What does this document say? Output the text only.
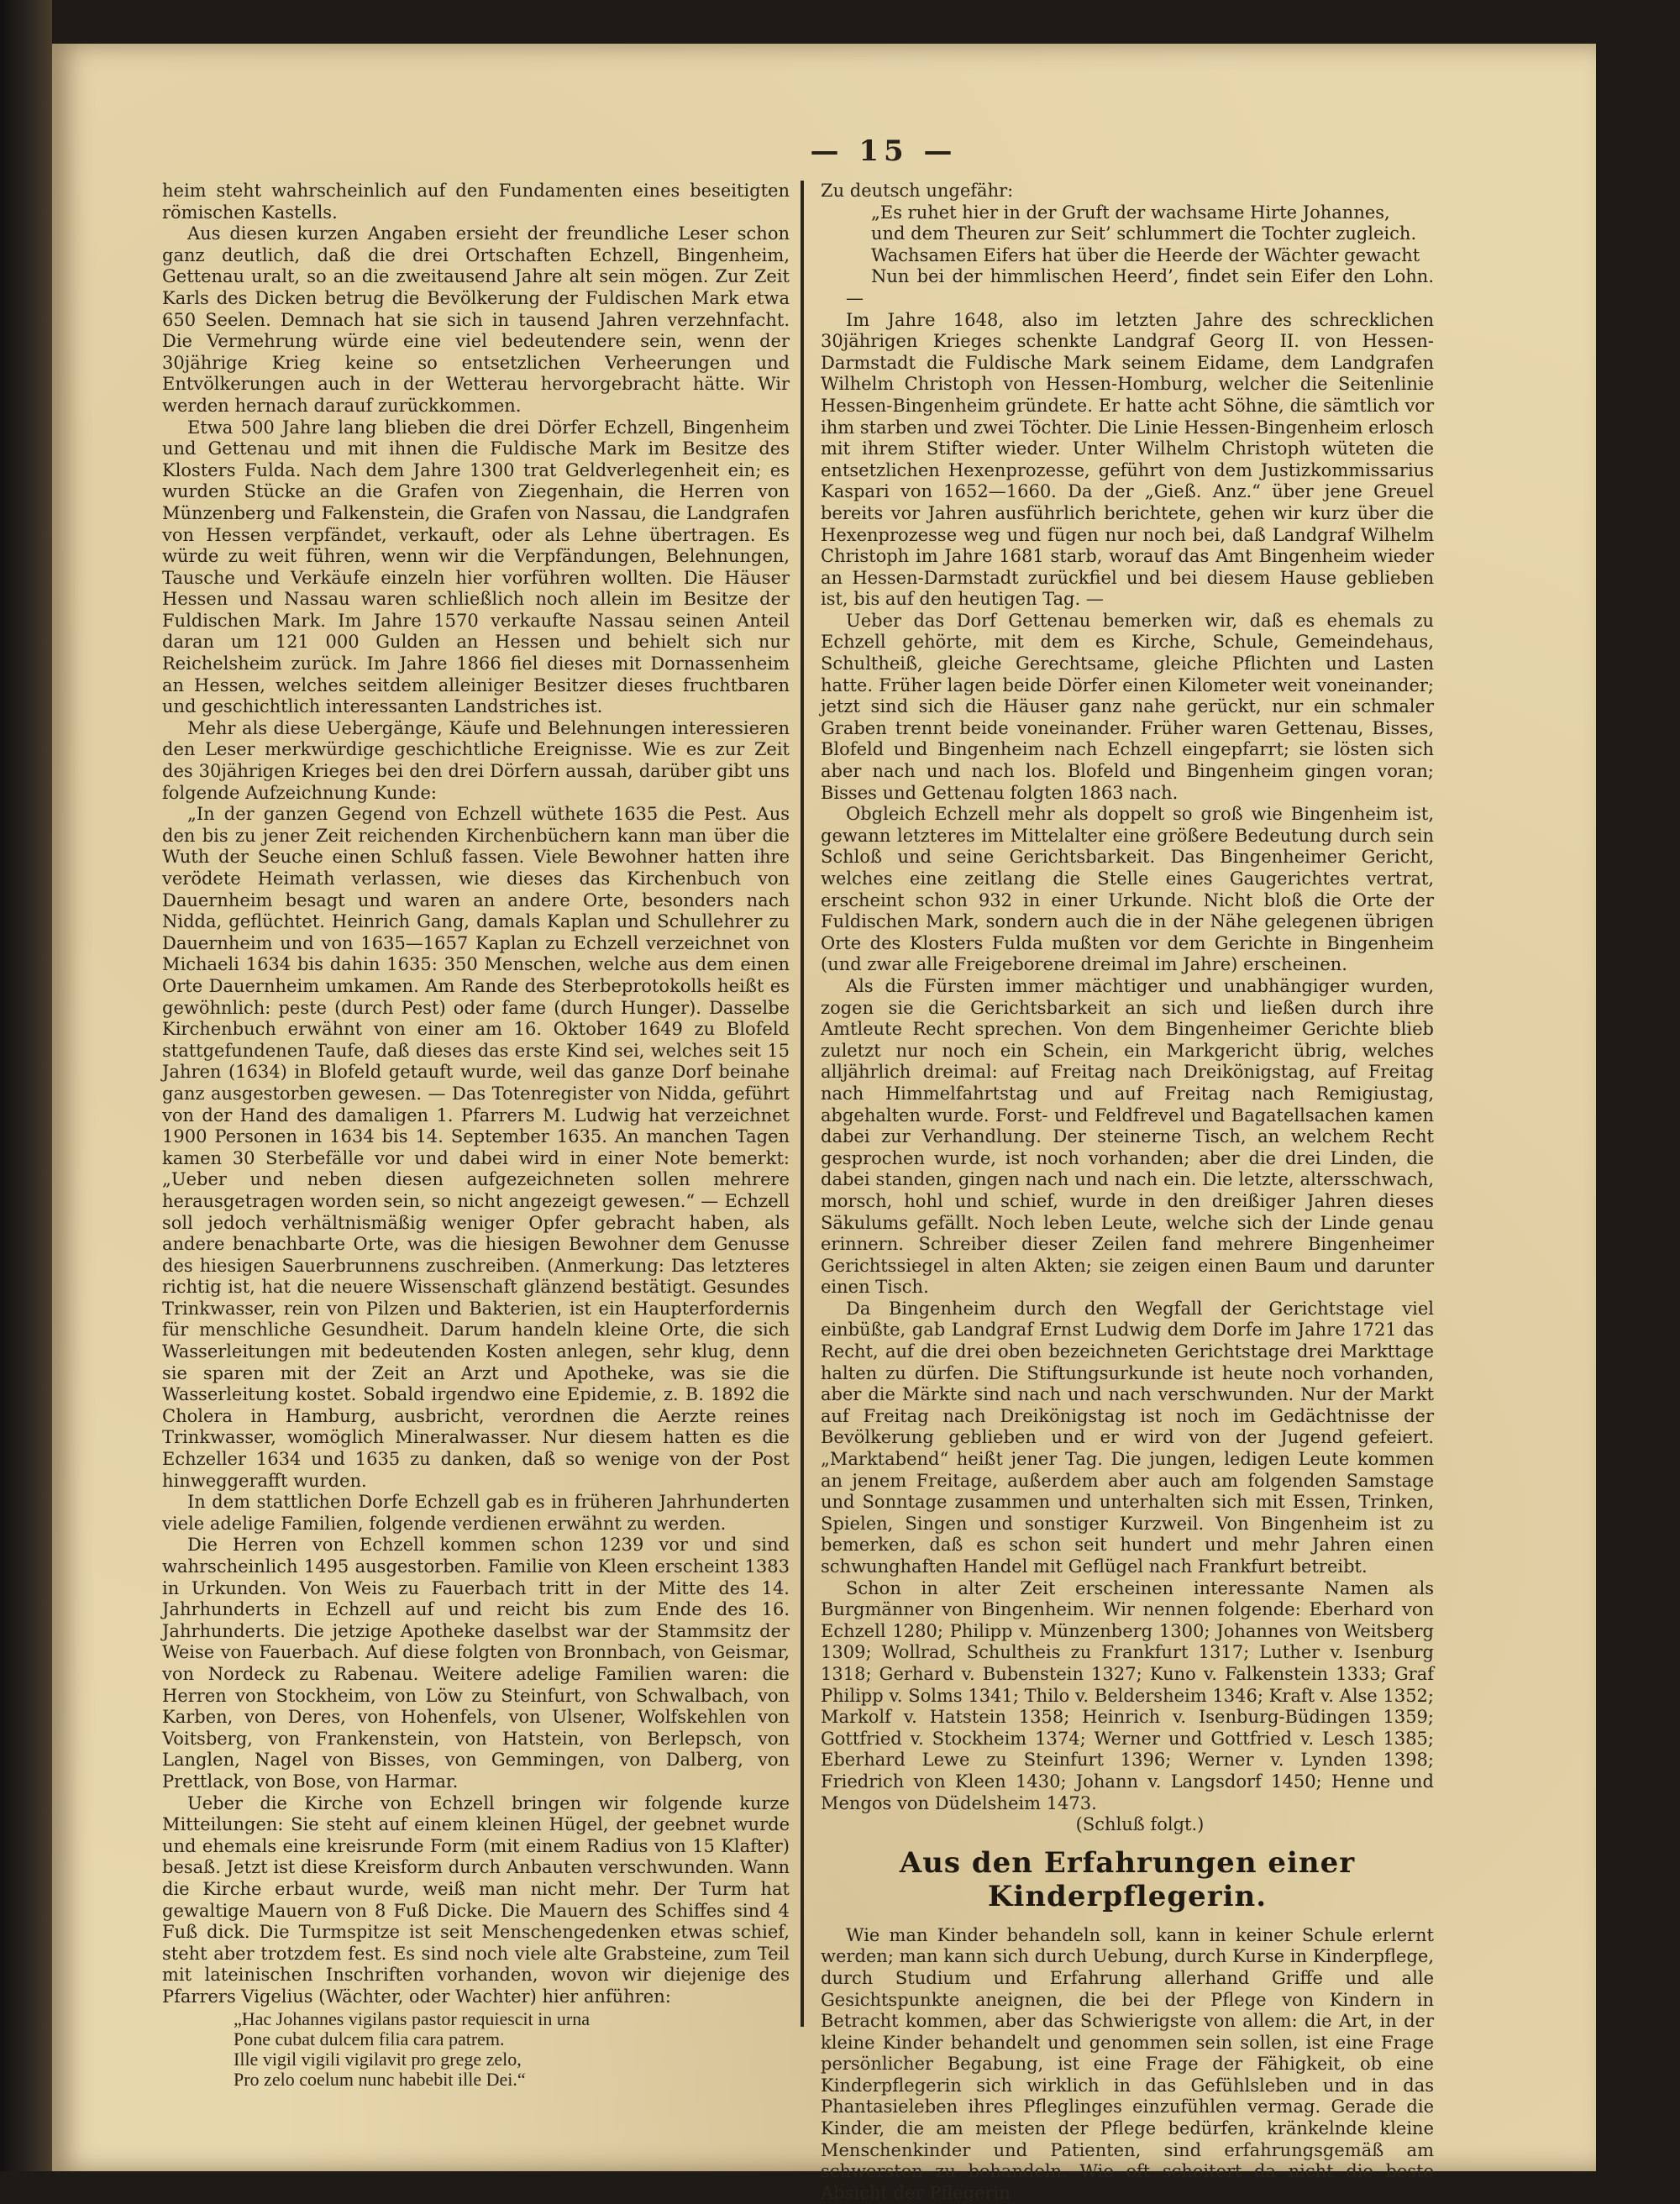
— 15 —

heim steht wahrscheinlich auf den Fundamenten eines beseitigten römischen Kastells.

Aus diesen kurzen Angaben ersieht der freundliche Leser schon ganz deutlich, daß die drei Ortschaften Echzell, Bingenheim, Gettenau uralt, so an die zweitausend Jahre alt sein mögen. Zur Zeit Karls des Dicken betrug die Bevölkerung der Fuldischen Mark etwa 650 Seelen. Demnach hat sie sich in tausend Jahren verzehnfacht. Die Vermehrung würde eine viel bedeutendere sein, wenn der 30jährige Krieg keine so entsetzlichen Verheerungen und Entvölkerungen auch in der Wetterau hervorgebracht hätte. Wir werden hernach darauf zurückkommen.

Etwa 500 Jahre lang blieben die drei Dörfer Echzell, Bingenheim und Gettenau und mit ihnen die Fuldische Mark im Besitze des Klosters Fulda. Nach dem Jahre 1300 trat Geldverlegenheit ein; es wurden Stücke an die Grafen von Ziegenhain, die Herren von Münzenberg und Falkenstein, die Grafen von Nassau, die Landgrafen von Hessen verpfändet, verkauft, oder als Lehne übertragen. Es würde zu weit führen, wenn wir die Verpfändungen, Belehnungen, Tausche und Verkäufe einzeln hier vorführen wollten. Die Häuser Hessen und Nassau waren schließlich noch allein im Besitze der Fuldischen Mark. Im Jahre 1570 verkaufte Nassau seinen Anteil daran um 121 000 Gulden an Hessen und behielt sich nur Reichelsheim zurück. Im Jahre 1866 fiel dieses mit Dornassenheim an Hessen, welches seitdem alleiniger Besitzer dieses fruchtbaren und geschichtlich interessanten Landstriches ist.

Mehr als diese Uebergänge, Käufe und Belehnungen interessieren den Leser merkwürdige geschichtliche Ereignisse. Wie es zur Zeit des 30jährigen Krieges bei den drei Dörfern aussah, darüber gibt uns folgende Aufzeichnung Kunde:

„In der ganzen Gegend von Echzell wüthete 1635 die Pest. Aus den bis zu jener Zeit reichenden Kirchenbüchern kann man über die Wuth der Seuche einen Schluß fassen. Viele Bewohner hatten ihre verödete Heimath verlassen, wie dieses das Kirchenbuch von Dauernheim besagt und waren an andere Orte, besonders nach Nidda, geflüchtet. Heinrich Gang, damals Kaplan und Schullehrer zu Dauernheim und von 1635—1657 Kaplan zu Echzell verzeichnet von Michaeli 1634 bis dahin 1635: 350 Menschen, welche aus dem einen Orte Dauernheim umkamen. Am Rande des Sterbeprotokolls heißt es gewöhnlich: peste (durch Pest) oder fame (durch Hunger). Dasselbe Kirchenbuch erwähnt von einer am 16. Oktober 1649 zu Blofeld stattgefundenen Taufe, daß dieses das erste Kind sei, welches seit 15 Jahren (1634) in Blofeld getauft wurde, weil das ganze Dorf beinahe ganz ausgestorben gewesen. — Das Totenregister von Nidda, geführt von der Hand des damaligen 1. Pfarrers M. Ludwig hat verzeichnet 1900 Personen in 1634 bis 14. September 1635. An manchen Tagen kamen 30 Sterbefälle vor und dabei wird in einer Note bemerkt: „Ueber und neben diesen aufgezeichneten sollen mehrere herausgetragen worden sein, so nicht angezeigt gewesen.“ — Echzell soll jedoch verhältnismäßig weniger Opfer gebracht haben, als andere benachbarte Orte, was die hiesigen Bewohner dem Genusse des hiesigen Sauerbrunnens zuschreiben. (Anmerkung: Das letzteres richtig ist, hat die neuere Wissenschaft glänzend bestätigt. Gesundes Trinkwasser, rein von Pilzen und Bakterien, ist ein Haupterfordernis für menschliche Gesundheit. Darum handeln kleine Orte, die sich Wasserleitungen mit bedeutenden Kosten anlegen, sehr klug, denn sie sparen mit der Zeit an Arzt und Apotheke, was sie die Wasserleitung kostet. Sobald irgendwo eine Epidemie, z. B. 1892 die Cholera in Hamburg, ausbricht, verordnen die Aerzte reines Trinkwasser, womöglich Mineralwasser. Nur diesem hatten es die Echzeller 1634 und 1635 zu danken, daß so wenige von der Post hinweggerafft wurden.

In dem stattlichen Dorfe Echzell gab es in früheren Jahrhunderten viele adelige Familien, folgende verdienen erwähnt zu werden.

Die Herren von Echzell kommen schon 1239 vor und sind wahrscheinlich 1495 ausgestorben. Familie von Kleen erscheint 1383 in Urkunden. Von Weis zu Fauerbach tritt in der Mitte des 14. Jahrhunderts in Echzell auf und reicht bis zum Ende des 16. Jahrhunderts. Die jetzige Apotheke daselbst war der Stammsitz der Weise von Fauerbach. Auf diese folgten von Bronnbach, von Geismar, von Nordeck zu Rabenau. Weitere adelige Familien waren: die Herren von Stockheim, von Löw zu Steinfurt, von Schwalbach, von Karben, von Deres, von Hohenfels, von Ulsener, Wolfskehlen von Voitsberg, von Frankenstein, von Hatstein, von Berlepsch, von Langlen, Nagel von Bisses, von Gemmingen, von Dalberg, von Prettlack, von Bose, von Harmar.

Ueber die Kirche von Echzell bringen wir folgende kurze Mitteilungen: Sie steht auf einem kleinen Hügel, der geebnet wurde und ehemals eine kreisrunde Form (mit einem Radius von 15 Klafter) besaß. Jetzt ist diese Kreisform durch Anbauten verschwunden. Wann die Kirche erbaut wurde, weiß man nicht mehr. Der Turm hat gewaltige Mauern von 8 Fuß Dicke. Die Mauern des Schiffes sind 4 Fuß dick. Die Turmspitze ist seit Menschengedenken etwas schief, steht aber trotzdem fest. Es sind noch viele alte Grabsteine, zum Teil mit lateinischen Inschriften vorhanden, wovon wir diejenige des Pfarrers Vigelius (Wächter, oder Wachter) hier anführen:

„Hac Johannes vigilans pastor requiescit in urna
Pone cubat dulcem filia cara patrem.
Ille vigil vigili vigilavit pro grege zelo,
Pro zelo coelum nunc habebit ille Dei.“

Zu deutsch ungefähr:

„Es ruhet hier in der Gruft der wachsame Hirte Johannes,

und dem Theuren zur Seit’ schlummert die Tochter zugleich.

Wachsamen Eifers hat über die Heerde der Wächter gewacht

Nun bei der himmlischen Heerd’, findet sein Eifer den Lohn. —

Im Jahre 1648, also im letzten Jahre des schrecklichen 30jährigen Krieges schenkte Landgraf Georg II. von Hessen-Darmstadt die Fuldische Mark seinem Eidame, dem Landgrafen Wilhelm Christoph von Hessen-Homburg, welcher die Seitenlinie Hessen-Bingenheim gründete. Er hatte acht Söhne, die sämtlich vor ihm starben und zwei Töchter. Die Linie Hessen-Bingenheim erlosch mit ihrem Stifter wieder. Unter Wilhelm Christoph wüteten die entsetzlichen Hexenprozesse, geführt von dem Justizkommissarius Kaspari von 1652—1660. Da der „Gieß. Anz.“ über jene Greuel bereits vor Jahren ausführlich berichtete, gehen wir kurz über die Hexenprozesse weg und fügen nur noch bei, daß Landgraf Wilhelm Christoph im Jahre 1681 starb, worauf das Amt Bingenheim wieder an Hessen-Darmstadt zurückfiel und bei diesem Hause geblieben ist, bis auf den heutigen Tag. —

Ueber das Dorf Gettenau bemerken wir, daß es ehemals zu Echzell gehörte, mit dem es Kirche, Schule, Gemeindehaus, Schultheiß, gleiche Gerechtsame, gleiche Pflichten und Lasten hatte. Früher lagen beide Dörfer einen Kilometer weit voneinander; jetzt sind sich die Häuser ganz nahe gerückt, nur ein schmaler Graben trennt beide voneinander. Früher waren Gettenau, Bisses, Blofeld und Bingenheim nach Echzell eingepfarrt; sie lösten sich aber nach und nach los. Blofeld und Bingenheim gingen voran; Bisses und Gettenau folgten 1863 nach.

Obgleich Echzell mehr als doppelt so groß wie Bingenheim ist, gewann letzteres im Mittelalter eine größere Bedeutung durch sein Schloß und seine Gerichtsbarkeit. Das Bingenheimer Gericht, welches eine zeitlang die Stelle eines Gaugerichtes vertrat, erscheint schon 932 in einer Urkunde. Nicht bloß die Orte der Fuldischen Mark, sondern auch die in der Nähe gelegenen übrigen Orte des Klosters Fulda mußten vor dem Gerichte in Bingenheim (und zwar alle Freigeborene dreimal im Jahre) erscheinen.

Als die Fürsten immer mächtiger und unabhängiger wurden, zogen sie die Gerichtsbarkeit an sich und ließen durch ihre Amtleute Recht sprechen. Von dem Bingenheimer Gerichte blieb zuletzt nur noch ein Schein, ein Markgericht übrig, welches alljährlich dreimal: auf Freitag nach Dreikönigstag, auf Freitag nach Himmelfahrtstag und auf Freitag nach Remigiustag, abgehalten wurde. Forst- und Feldfrevel und Bagatellsachen kamen dabei zur Verhandlung. Der steinerne Tisch, an welchem Recht gesprochen wurde, ist noch vorhanden; aber die drei Linden, die dabei standen, gingen nach und nach ein. Die letzte, altersschwach, morsch, hohl und schief, wurde in den dreißiger Jahren dieses Säkulums gefällt. Noch leben Leute, welche sich der Linde genau erinnern. Schreiber dieser Zeilen fand mehrere Bingenheimer Gerichtssiegel in alten Akten; sie zeigen einen Baum und darunter einen Tisch.

Da Bingenheim durch den Wegfall der Gerichtstage viel einbüßte, gab Landgraf Ernst Ludwig dem Dorfe im Jahre 1721 das Recht, auf die drei oben bezeichneten Gerichtstage drei Markttage halten zu dürfen. Die Stiftungsurkunde ist heute noch vorhanden, aber die Märkte sind nach und nach verschwunden. Nur der Markt auf Freitag nach Dreikönigstag ist noch im Gedächtnisse der Bevölkerung geblieben und er wird von der Jugend gefeiert. „Marktabend“ heißt jener Tag. Die jungen, ledigen Leute kommen an jenem Freitage, außerdem aber auch am folgenden Samstage und Sonntage zusammen und unterhalten sich mit Essen, Trinken, Spielen, Singen und sonstiger Kurzweil. Von Bingenheim ist zu bemerken, daß es schon seit hundert und mehr Jahren einen schwunghaften Handel mit Geflügel nach Frankfurt betreibt.

Schon in alter Zeit erscheinen interessante Namen als Burgmänner von Bingenheim. Wir nennen folgende: Eberhard von Echzell 1280; Philipp v. Münzenberg 1300; Johannes von Weitsberg 1309; Wollrad, Schultheis zu Frankfurt 1317; Luther v. Isenburg 1318; Gerhard v. Bubenstein 1327; Kuno v. Falkenstein 1333; Graf Philipp v. Solms 1341; Thilo v. Beldersheim 1346; Kraft v. Alse 1352; Markolf v. Hatstein 1358; Heinrich v. Isenburg-Büdingen 1359; Gottfried v. Stockheim 1374; Werner und Gottfried v. Lesch 1385; Eberhard Lewe zu Steinfurt 1396; Werner v. Lynden 1398; Friedrich von Kleen 1430; Johann v. Langsdorf 1450; Henne und Mengos von Düdelsheim 1473.

(Schluß folgt.)

Aus den Erfahrungen einer Kinderpflegerin.

Wie man Kinder behandeln soll, kann in keiner Schule erlernt werden; man kann sich durch Uebung, durch Kurse in Kinderpflege, durch Studium und Erfahrung allerhand Griffe und alle Gesichtspunkte aneignen, die bei der Pflege von Kindern in Betracht kommen, aber das Schwierigste von allem: die Art, in der kleine Kinder behandelt und genommen sein sollen, ist eine Frage persönlicher Begabung, ist eine Frage der Fähigkeit, ob eine Kinderpflegerin sich wirklich in das Gefühlsleben und in das Phantasieleben ihres Pfleglinges einzufühlen vermag. Gerade die Kinder, die am meisten der Pflege bedürfen, kränkelnde kleine Menschenkinder und Patienten, sind erfahrungsgemäß am schwersten zu behandeln. Wie oft scheitert da nicht die beste Absicht der Pflegerin
